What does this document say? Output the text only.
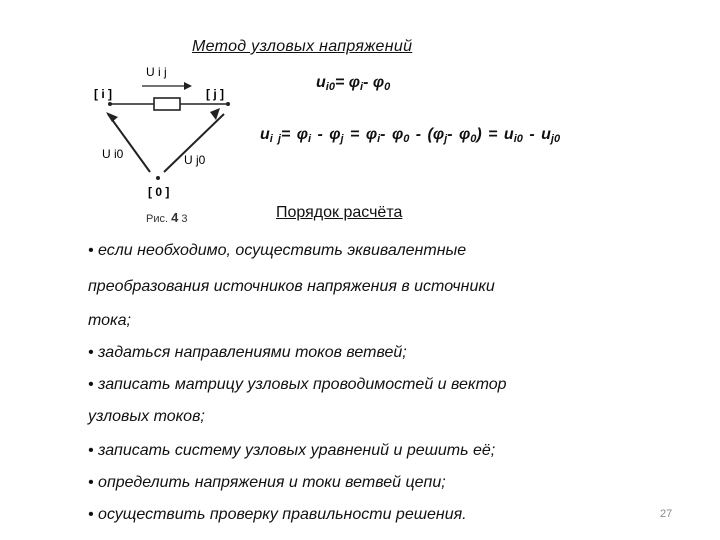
Метод узловых напряжений
$u_{i0}= \varphi_i-$ $\varphi_0$
$u_{i j}= \varphi_i - \varphi_j = \varphi_i-$ $\varphi_0 - (\varphi_j-$ $\varphi_0) = u_{i0} - u_{j0}$
[ i ]	[ j ]
U i j
U i0	U j0
[ 0 ]
Рис. 4 3	Порядок расчёта
• если необходимо, осуществить эквивалентные
преобразования источников напряжения в источники
тока;
• задаться направлениями токов ветвей;
• записать матрицу узловых проводимостей и вектор
узловых токов;
• записать систему узловых уравнений и решить её;
• определить напряжения и токи ветвей цепи;
• осуществить проверку правильности решения.	27
